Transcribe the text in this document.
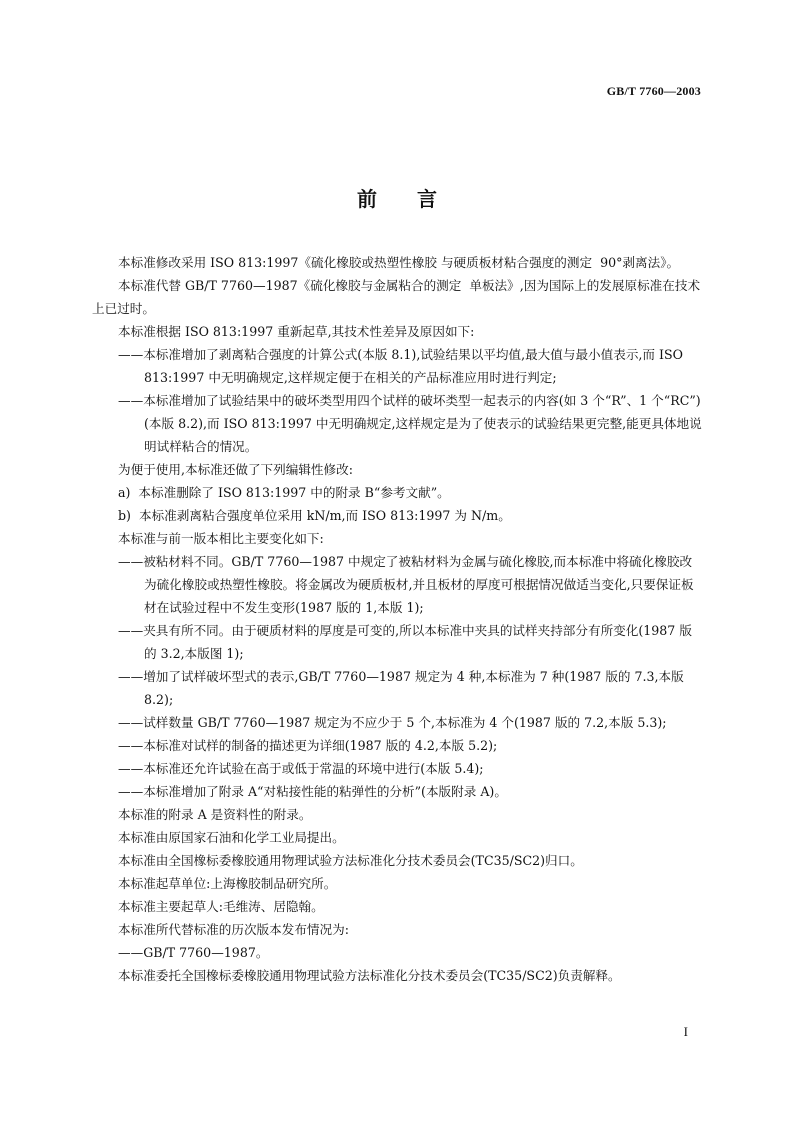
GB/T 7760—2003
前言

本标准修改采用 ISO 813:1997《硫化橡胶或热塑性橡胶 与硬质板材粘合强度的测定  90°剥离法》。

本标准代替 GB/T 7760—1987《硫化橡胶与金属粘合的测定  单板法》,因为国际上的发展原标准在技术上已过时。

本标准根据 ISO 813:1997 重新起草,其技术性差异及原因如下:

——本标准增加了剥离粘合强度的计算公式(本版 8.1),试验结果以平均值,最大值与最小值表示,而 ISO 813:1997 中无明确规定,这样规定便于在相关的产品标准应用时进行判定;

——本标准增加了试验结果中的破坏类型用四个试样的破坏类型一起表示的内容(如 3 个“R”、1 个“RC”)(本版 8.2),而 ISO 813:1997 中无明确规定,这样规定是为了使表示的试验结果更完整,能更具体地说明试样粘合的情况。

为便于使用,本标准还做了下列编辑性修改:

a)  本标准删除了 ISO 813:1997 中的附录 B“参考文献”。

b)  本标准剥离粘合强度单位采用 kN/m,而 ISO 813:1997 为 N/m。

本标准与前一版本相比主要变化如下:

——被粘材料不同。GB/T 7760—1987 中规定了被粘材料为金属与硫化橡胶,而本标准中将硫化橡胶改为硫化橡胶或热塑性橡胶。将金属改为硬质板材,并且板材的厚度可根据情况做适当变化,只要保证板材在试验过程中不发生变形(1987 版的 1,本版 1);

——夹具有所不同。由于硬质材料的厚度是可变的,所以本标准中夹具的试样夹持部分有所变化(1987 版的 3.2,本版图 1);

——增加了试样破坏型式的表示,GB/T 7760—1987 规定为 4 种,本标准为 7 种(1987 版的 7.3,本版 8.2);

——试样数量 GB/T 7760—1987 规定为不应少于 5 个,本标准为 4 个(1987 版的 7.2,本版 5.3);

——本标准对试样的制备的描述更为详细(1987 版的 4.2,本版 5.2);

——本标准还允许试验在高于或低于常温的环境中进行(本版 5.4);

——本标准增加了附录 A“对粘接性能的粘弹性的分析”(本版附录 A)。

本标准的附录 A 是资料性的附录。

本标准由原国家石油和化学工业局提出。

本标准由全国橡标委橡胶通用物理试验方法标准化分技术委员会(TC35/SC2)归口。

本标准起草单位:上海橡胶制品研究所。

本标准主要起草人:毛维涛、居隐翰。

本标准所代替标准的历次版本发布情况为:

——GB/T 7760—1987。

本标准委托全国橡标委橡胶通用物理试验方法标准化分技术委员会(TC35/SC2)负责解释。

I
